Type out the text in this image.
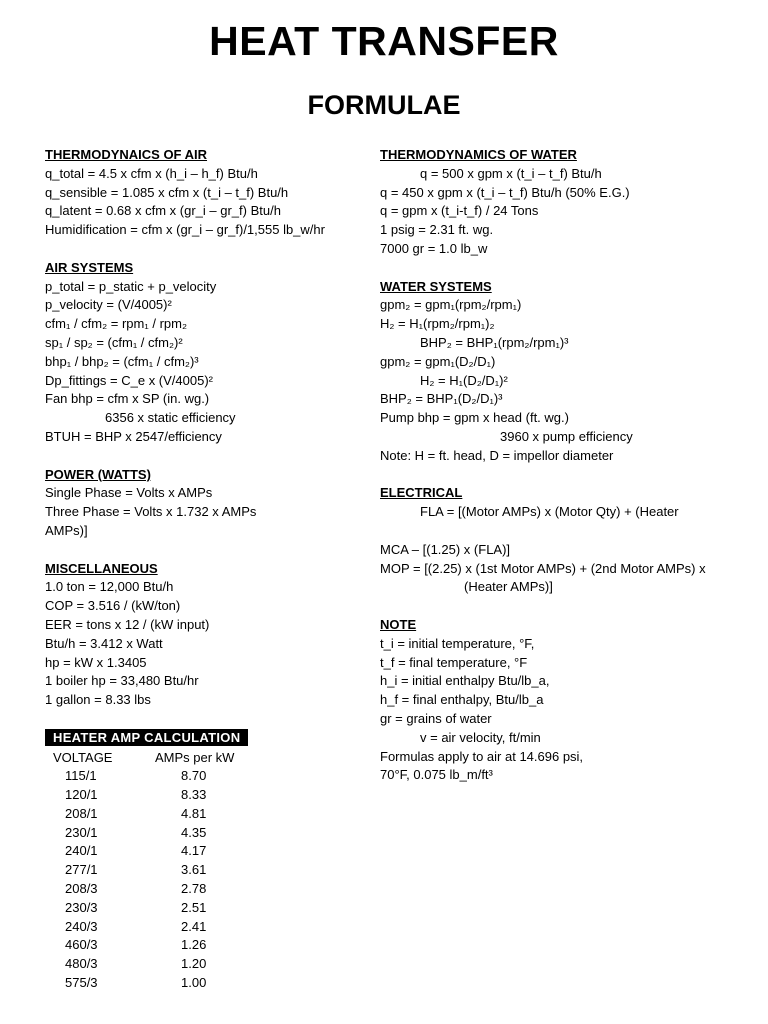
HEAT TRANSFER
FORMULAE
THERMODYNAICS OF AIR
q_total = 4.5 x cfm x (h_i – h_f) Btu/h
q_sensible = 1.085 x cfm x (t_i – t_f) Btu/h
q_latent = 0.68 x cfm x (gr_i – gr_f) Btu/h
Humidification = cfm x (gr_i – gr_f)/1,555 lb_w/hr
AIR SYSTEMS
p_total = p_static + p_velocity
p_velocity = (V/4005)²
cfm₁ / cfm₂ = rpm₁ / rpm₂
sp₁ / sp₂ = (cfm₁ / cfm₂)²
bhp₁ / bhp₂ = (cfm₁ / cfm₂)³
Dp_fittings = C_e x (V/4005)²
Fan bhp = cfm x SP (in. wg.)
6356 x static efficiency
BTUH = BHP x 2547/efficiency
POWER (WATTS)
Single Phase = Volts x AMPs
Three Phase = Volts x 1.732 x AMPs
AMPs)]
MISCELLANEOUS
1.0 ton = 12,000 Btu/h
COP = 3.516 / (kW/ton)
EER = tons x 12 / (kW input)
Btu/h = 3.412 x Watt
hp = kW x 1.3405
1 boiler hp = 33,480 Btu/hr
1 gallon = 8.33 lbs
HEATER AMP CALCULATION
VOLTAGE	AMPs per kW
115/1	8.70
120/1	8.33
208/1	4.81
230/1	4.35
240/1	4.17
277/1	3.61
208/3	2.78
230/3	2.51
240/3	2.41
460/3	1.26
480/3	1.20
575/3	1.00
THERMODYNAMICS OF WATER
q = 500 x gpm x (t_i – t_f) Btu/h
q = 450 x gpm x (t_i – t_f) Btu/h (50% E.G.)
q = gpm x (t_i-t_f) / 24 Tons
1 psig = 2.31 ft. wg.
7000 gr = 1.0 lb_w
WATER SYSTEMS
gpm₂ = gpm₁(rpm₂/rpm₁)
H₂ = H₁(rpm₂/rpm₁)₂
BHP₂ = BHP₁(rpm₂/rpm₁)³
gpm₂ = gpm₁(D₂/D₁)
H₂ = H₁(D₂/D₁)²
BHP₂ = BHP₁(D₂/D₁)³
Pump bhp = gpm x head (ft. wg.)
3960 x pump efficiency
Note: H = ft. head, D = impellor diameter
ELECTRICAL
FLA = [(Motor AMPs) x (Motor Qty) + (Heater

MCA – [(1.25) x (FLA)]
MOP = [(2.25) x (1st Motor AMPs) + (2nd Motor AMPs) x
(Heater AMPs)]
NOTE
t_i = initial temperature, °F,
t_f = final temperature, °F
h_i = initial enthalpy Btu/lb_a,
h_f = final enthalpy, Btu/lb_a
gr = grains of water
v = air velocity, ft/min
Formulas apply to air at 14.696 psi,
70°F, 0.075 lb_m/ft³
